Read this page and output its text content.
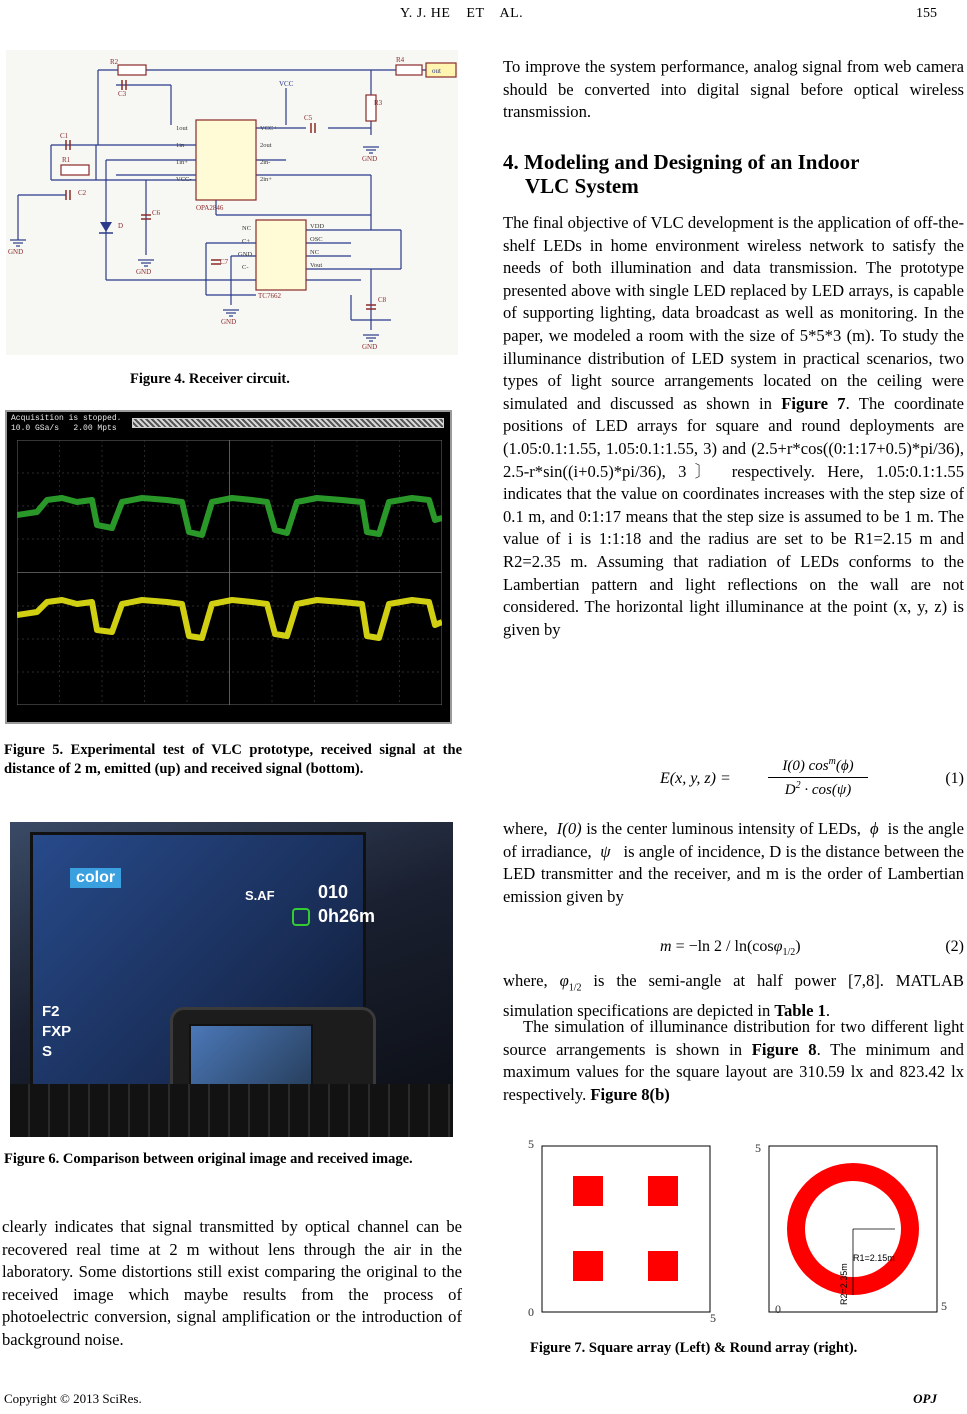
Y. J. HE    ET    AL.	155
R2
C3
R4
out
VCC
R3
C5
C1
R1
C2
C6
D
C7
C8
GND
GND
GND
GND
GND
OPA2846
TC7662
1out
1in-
1in+
VCC-
VCC+
2out
2in-
2in+
NC
C+
GND
C-
VDD
OSC
NC
Vout
Figure 4. Receiver circuit.
Acquisition is stopped.
10.0 GSa/s   2.00 Mpts
Figure 5. Experimental test of VLC prototype, received signal at the distance of 2 m, emitted (up) and received signal (bottom).
color
S.AF 010
0h26m
F2
FXP
S
Figure 6. Comparison between original image and received image.
clearly indicates that signal transmitted by optical channel can be recovered real time at 2 m without lens through the air in the laboratory. Some distortions still exist comparing the original to the received image which maybe results from the process of photoelectric conversion, signal amplification or the introduction of background noise.
To improve the system performance, analog signal from web camera should be converted into digital signal before optical wireless transmission.
4. Modeling and Designing of an Indoor
VLC System
The final objective of VLC development is the application of off-the-shelf LEDs in home environment wireless network to satisfy the needs of both illumination and data transmission. The prototype presented above with single LED replaced by LED arrays, is capable of supporting lighting, data broadcast as well as monitoring. In the paper, we modeled a room with the size of 5*5*3 (m). To study the illuminance distribution of LED system in practical scenarios, two types of light source arrangements located on the ceiling were simulated and discussed as shown in Figure 7. The coordinate positions of LED arrays for square and round deployments are (1.05:0.1:1.55, 1.05:0.1:1.55, 3) and (2.5+r*cos((0:1:17+0.5)*pi/36), 2.5-r*sin((i+0.5)*pi/36), 3〕 respectively. Here, 1.05:0.1:1.55 indicates that the value on coordinates increases with the step size of 0.1 m, and 0:1:17 means that the step size is assumed to be 1 m. The value of i is 1:1:18 and the radius are set to be R1=2.15 m and R2=2.35 m. Assuming that radiation of LEDs conforms to the Lambertian pattern and light reflections on the wall are not considered. The horizontal light illuminance at the point (x, y, z) is given by
E(x, y, z) =
I(0) $\cos^m(\phi)$
$D^2 \cdot \cos(\psi)$
(1)
where, I(0) is the center luminous intensity of LEDs, ϕ is the angle of irradiance, ψ is angle of incidence, D is the distance between the LED transmitter and the receiver, and m is the order of Lambertian emission given by
m = −ln 2 / ln(cosφ$_{1/2}$)	(2)
where, $\varphi_{1/2}$ is the semi-angle at half power [7,8]. MATLAB simulation specifications are depicted in Table 1.
The simulation of illuminance distribution for two different light source arrangements is shown in Figure 8. The minimum and maximum values for the square layout are 310.59 lx and 823.42 lx respectively. Figure 8(b)
5
0	5
R1=2.15m
R2=2.35m
5
0	5
Figure 7. Square array (Left) & Round array (right).
Copyright © 2013 SciRes.	OPJ
